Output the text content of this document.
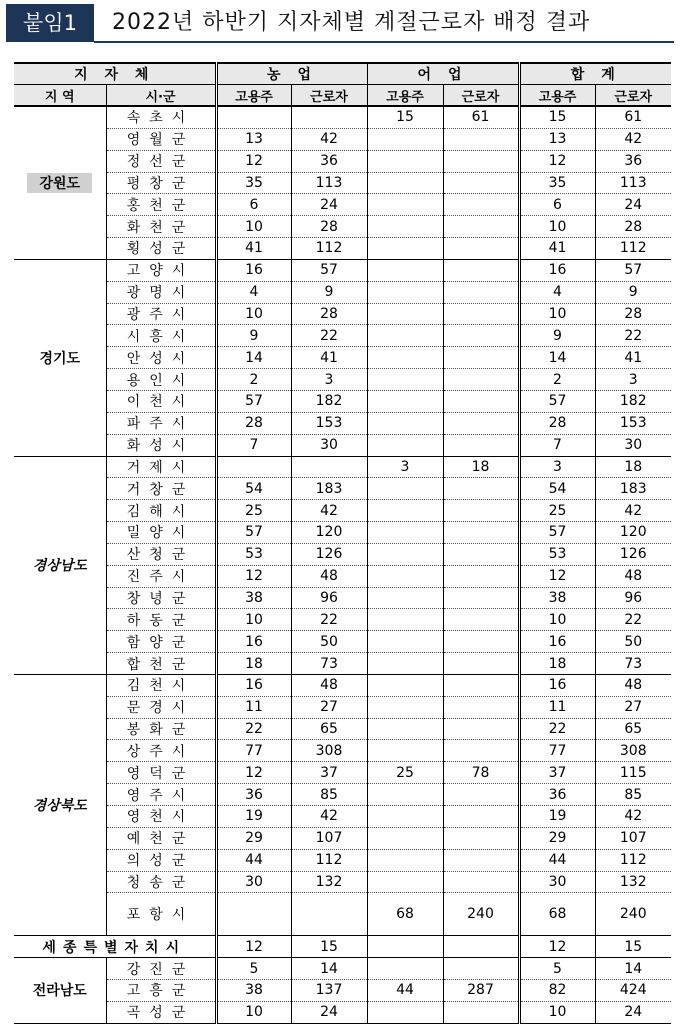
붙임1	2022년 하반기 지자체별 계절근로자 배정 결과
지 자 체		농 업		어 업		합 계	
지 역	시·군	고용주	근로자	고용주	근로자	고용주	근로자
강원도	속초시			15	61	15	61
	영월군	13	42			13	42
	정선군	12	36			12	36
	평창군	35	113			35	113
	홍천군	6	24			6	24
	화천군	10	28			10	28
	횡성군	41	112			41	112
경기도	고양시	16	57			16	57
	광명시	4	9			4	9
	광주시	10	28			10	28
	시흥시	9	22			9	22
	안성시	14	41			14	41
	용인시	2	3			2	3
	이천시	57	182			57	182
	파주시	28	153			28	153
	화성시	7	30			7	30
경상남도	거제시			3	18	3	18
	거창군	54	183			54	183
	김해시	25	42			25	42
	밀양시	57	120			57	120
	산청군	53	126			53	126
	진주시	12	48			12	48
	창녕군	38	96			38	96
	하동군	10	22			10	22
	함양군	16	50			16	50
	합천군	18	73			18	73
경상북도	김천시	16	48			16	48
	문경시	11	27			11	27
	봉화군	22	65			22	65
	상주시	77	308			77	308
	영덕군	12	37	25	78	37	115
	영주시	36	85			36	85
	영천시	19	42			19	42
	예천군	29	107			29	107
	의성군	44	112			44	112
	청송군	30	132			30	132
	포항시			68	240	68	240
세종특별자치시		12	15			12	15
전라남도	강진군	5	14			5	14
	고흥군	38	137	44	287	82	424
	곡성군	10	24			10	24
